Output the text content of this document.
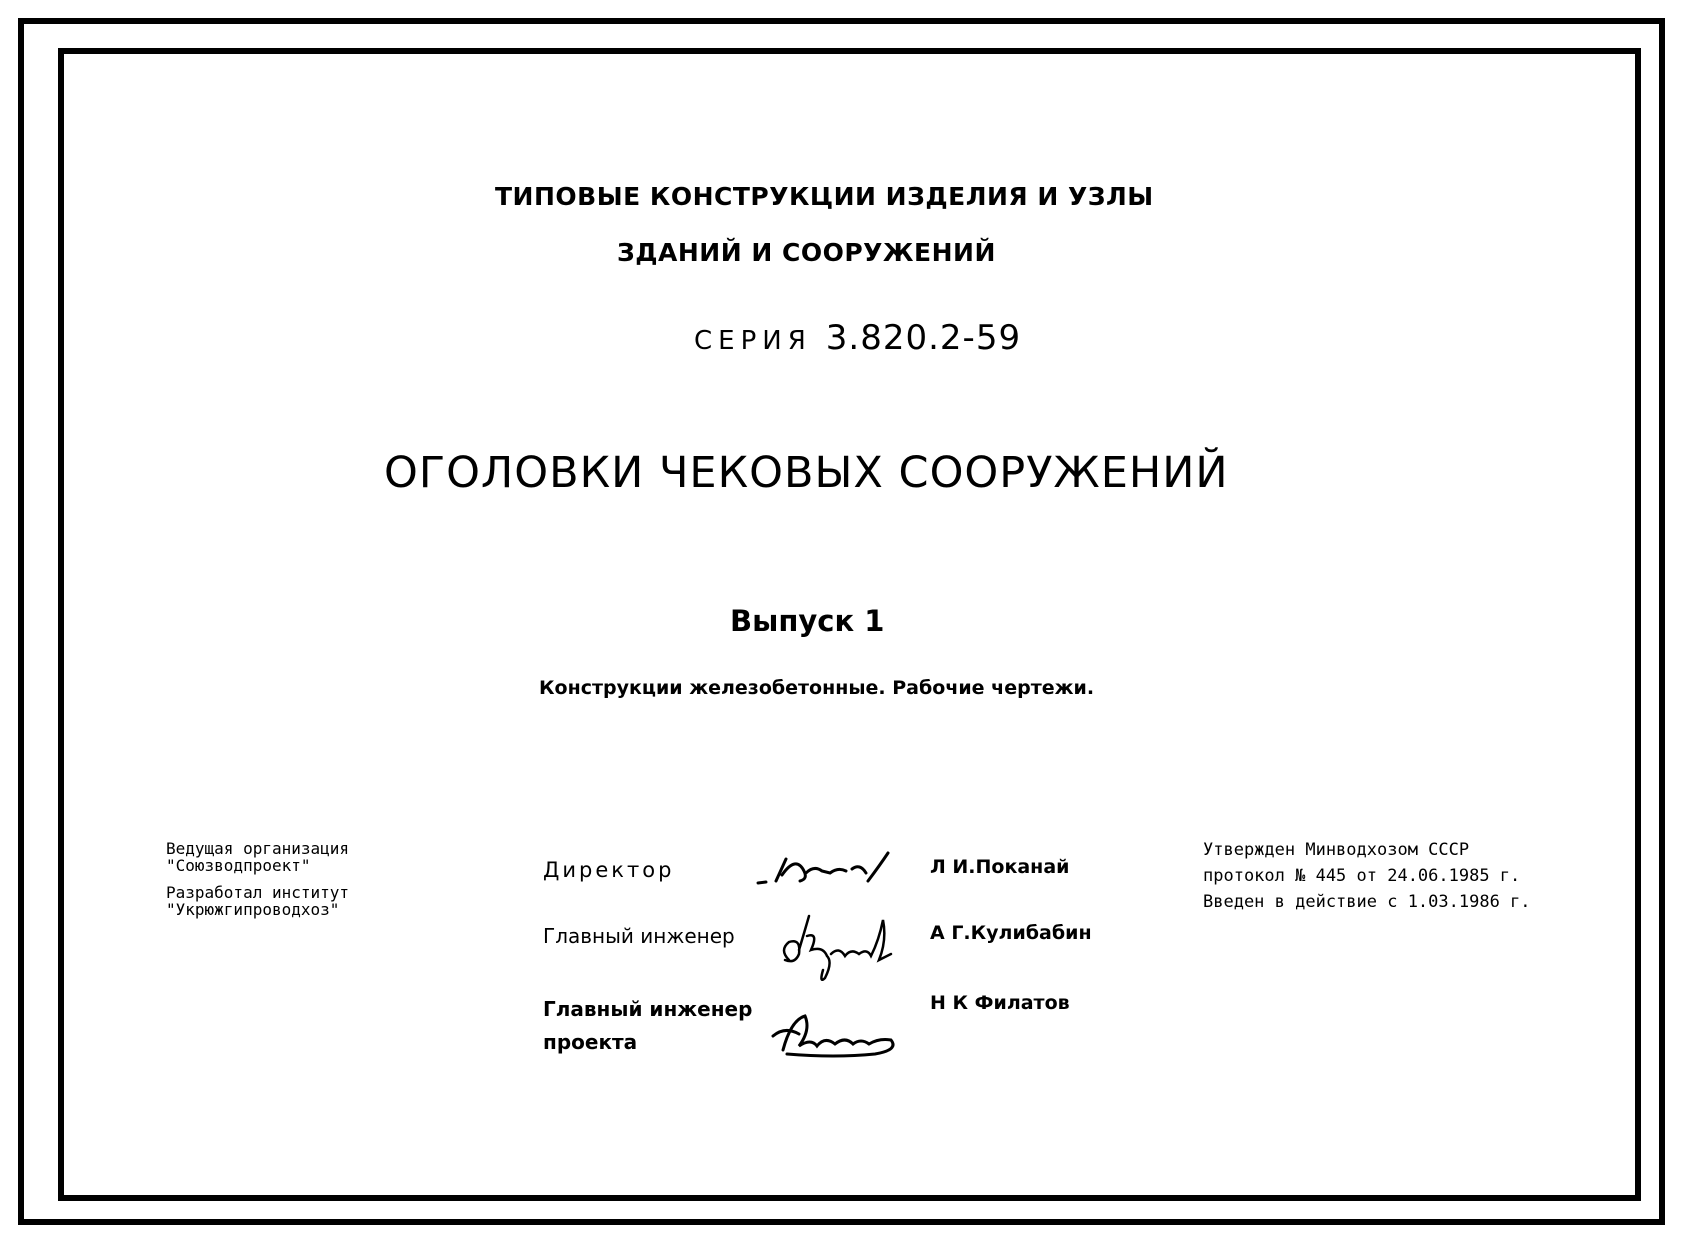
ТИПОВЫЕ КОНСТРУКЦИИ ИЗДЕЛИЯ И УЗЛЫ
ЗДАНИЙ И СООРУЖЕНИЙ
СЕРИЯ 3.820.2-59
ОГОЛОВКИ ЧЕКОВЫХ СООРУЖЕНИЙ
Выпуск 1
Конструкции железобетонные. Рабочие чертежи.
Ведущая организация
"Союзводпроект"
Разработал институт
"Укрюжгипроводхоз"
Директор
Главный инженер
Главный инженер
проекта
Л И.Поканай
А Г.Кулибабин
Н К Филатов
Утвержден Минводхозом СССР
протокол № 445 от 24.06.1985 г.
Введен в действие с 1.03.1986 г.
